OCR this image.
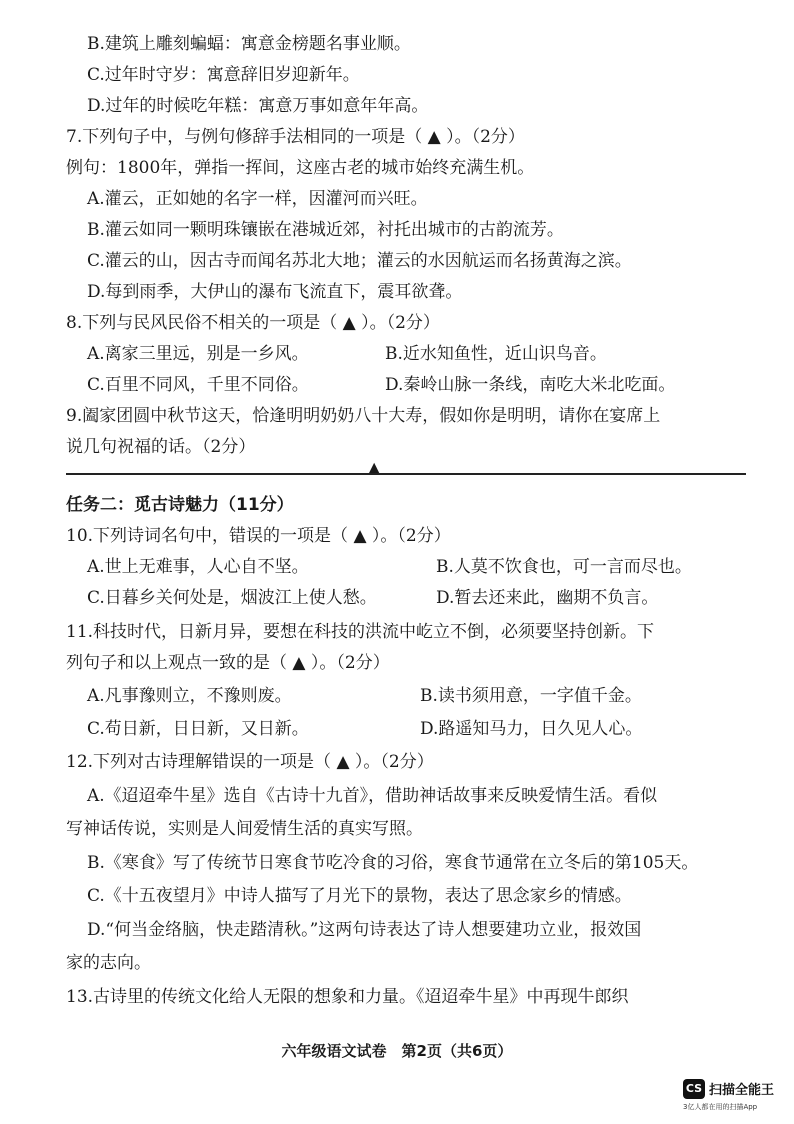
B.建筑上雕刻蝙蝠：寓意金榜题名事业顺。
C.过年时守岁：寓意辞旧岁迎新年。
D.过年的时候吃年糕：寓意万事如意年年高。
7.下列句子中，与例句修辞手法相同的一项是（ ▲ ）。（2分）
例句：1800年，弹指一挥间，这座古老的城市始终充满生机。
A.灌云，正如她的名字一样，因灌河而兴旺。
B.灌云如同一颗明珠镶嵌在港城近郊，衬托出城市的古韵流芳。
C.灌云的山，因古寺而闻名苏北大地；灌云的水因航运而名扬黄海之滨。
D.每到雨季，大伊山的瀑布飞流直下，震耳欲聋。
8.下列与民风民俗不相关的一项是（ ▲ ）。（2分）
A.离家三里远，别是一乡风。	B.近水知鱼性，近山识鸟音。
C.百里不同风，千里不同俗。	D.秦岭山脉一条线，南吃大米北吃面。
9.阖家团圆中秋节这天，恰逢明明奶奶八十大寿，假如你是明明，请你在宴席上
说几句祝福的话。（2分）
▲
任务二：觅古诗魅力（11分）
10.下列诗词名句中，错误的一项是（ ▲ ）。（2分）
A.世上无难事，人心自不坚。	B.人莫不饮食也，可一言而尽也。
C.日暮乡关何处是，烟波江上使人愁。	D.暂去还来此，幽期不负言。
11.科技时代，日新月异，要想在科技的洪流中屹立不倒，必须要坚持创新。下
列句子和以上观点一致的是（ ▲ ）。（2分）
A.凡事豫则立，不豫则废。	B.读书须用意，一字值千金。
C.苟日新，日日新，又日新。	D.路遥知马力，日久见人心。
12.下列对古诗理解错误的一项是（ ▲ ）。（2分）
A.《迢迢牵牛星》选自《古诗十九首》，借助神话故事来反映爱情生活。看似
写神话传说，实则是人间爱情生活的真实写照。
B.《寒食》写了传统节日寒食节吃冷食的习俗，寒食节通常在立冬后的第105天。
C.《十五夜望月》中诗人描写了月光下的景物，表达了思念家乡的情感。
D.“何当金络脑，快走踏清秋。”这两句诗表达了诗人想要建功立业，报效国
家的志向。
13.古诗里的传统文化给人无限的想象和力量。《迢迢牵牛星》中再现牛郎织
六年级语文试卷　第2页（共6页）
CS 扫描全能王
3亿人都在用的扫描App
